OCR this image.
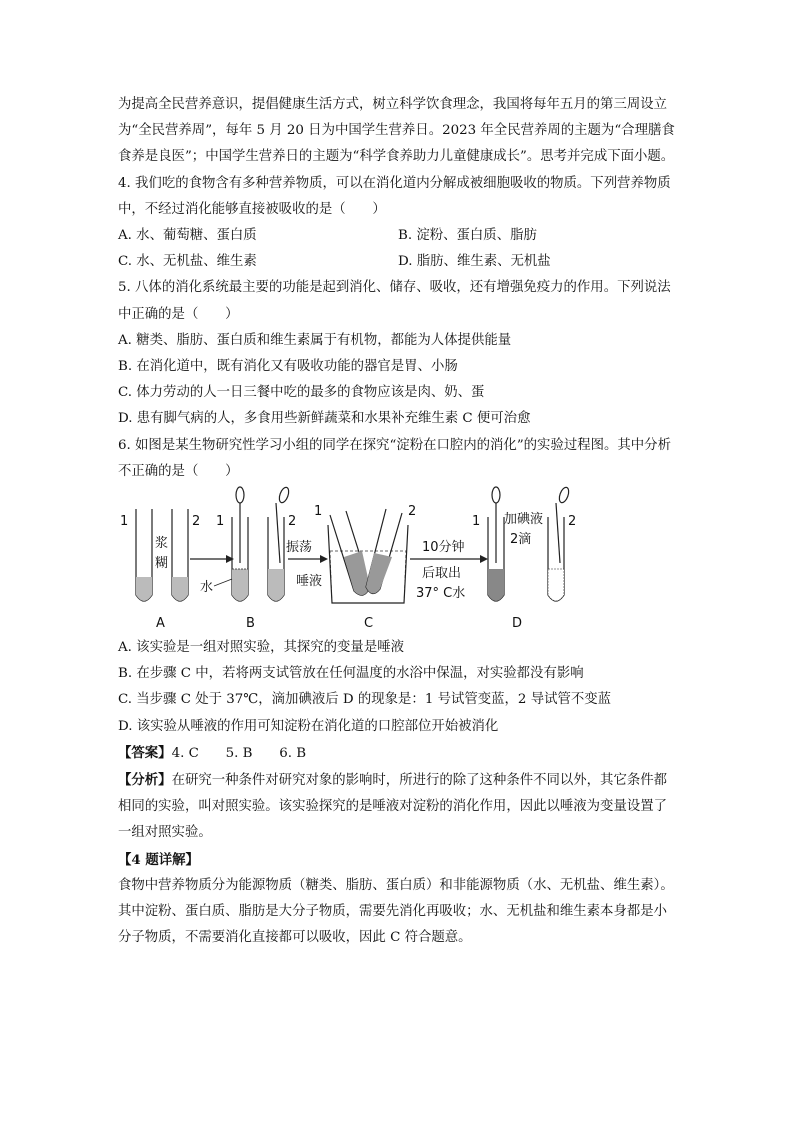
为提高全民营养意识，提倡健康生活方式，树立科学饮食理念，我国将每年五月的第三周设立为“全民营养周”，每年 5 月 20 日为中国学生营养日。2023 年全民营养周的主题为“合理膳食 食养是良医”；中国学生营养日的主题为“科学食养助力儿童健康成长”。思考并完成下面小题。

4. 我们吃的食物含有多种营养物质，可以在消化道内分解成被细胞吸收的物质。下列营养物质中，不经过消化能够直接被吸收的是（　　）

A. 水、葡萄糖、蛋白质	B. 淀粉、蛋白质、脂肪

C. 水、无机盐、维生素	D. 脂肪、维生素、无机盐

5. 八体的消化系统最主要的功能是起到消化、储存、吸收，还有增强免疫力的作用。下列说法中正确的是（　　）

A. 糖类、脂肪、蛋白质和维生素属于有机物，都能为人体提供能量

B. 在消化道中，既有消化又有吸收功能的器官是胃、小肠

C. 体力劳动的人一日三餐中吃的最多的食物应该是肉、奶、蛋

D. 患有脚气病的人，多食用些新鲜蔬菜和水果补充维生素 C 便可治愈

6. 如图是某生物研究性学习小组的同学在探究“淀粉在口腔内的消化”的实验过程图。其中分析不正确的是（　　）

1	2
浆
糊
A
1	2
水
B
振荡
唾液
1	2
C
10分钟
后取出
37° C水
1	2
加碘液
2滴
D

A. 该实验是一组对照实验，其探究的变量是唾液

B. 在步骤 C 中，若将两支试管放在任何温度的水浴中保温，对实验都没有影响

C. 当步骤 C 处于 37℃，滴加碘液后 D 的现象是：1 号试管变蓝，2 导试管不变蓝

D. 该实验从唾液的作用可知淀粉在消化道的口腔部位开始被消化

【答案】4. C　　5. B　　6. B

【分析】在研究一种条件对研究对象的影响时，所进行的除了这种条件不同以外，其它条件都相同的实验，叫对照实验。该实验探究的是唾液对淀粉的消化作用，因此以唾液为变量设置了一组对照实验。

【4 题详解】

食物中营养物质分为能源物质（糖类、脂肪、蛋白质）和非能源物质（水、无机盐、维生素）。其中淀粉、蛋白质、脂肪是大分子物质，需要先消化再吸收；水、无机盐和维生素本身都是小分子物质，不需要消化直接都可以吸收，因此 C 符合题意。
